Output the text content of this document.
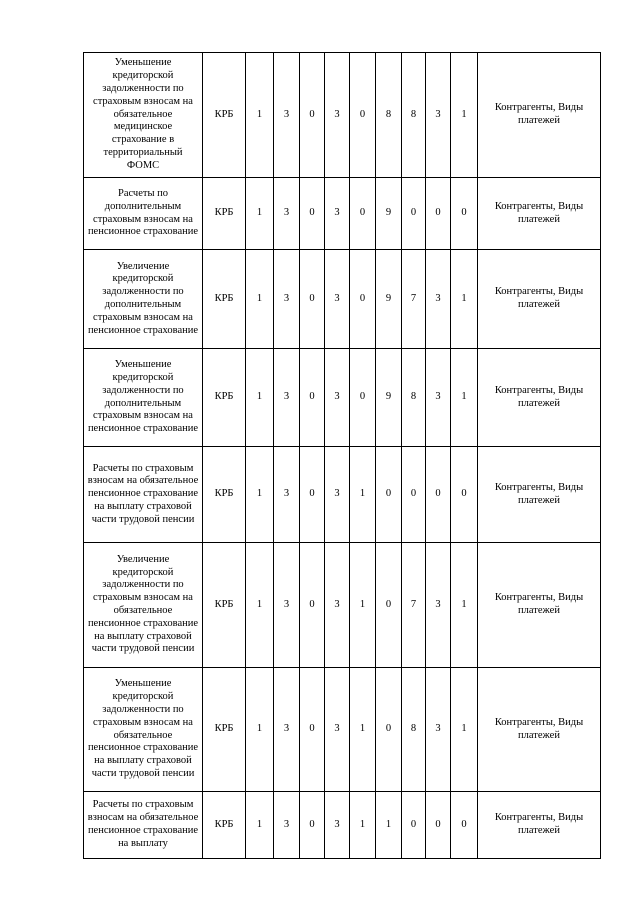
Уменьшение кредиторской задолженности по страховым взносам на обязательное медицинское страхование в территориальный ФОМС	КРБ	1	3	0	3	0	8	8	3	1	Контрагенты, Виды платежей
Расчеты по дополнительным страховым взносам на пенсионное страхование	КРБ	1	3	0	3	0	9	0	0	0	Контрагенты, Виды платежей
Увеличение кредиторской задолженности по дополнительным страховым взносам на пенсионное страхование	КРБ	1	3	0	3	0	9	7	3	1	Контрагенты, Виды платежей
Уменьшение кредиторской задолженности по дополнительным страховым взносам на пенсионное страхование	КРБ	1	3	0	3	0	9	8	3	1	Контрагенты, Виды платежей
Расчеты по страховым взносам на обязательное пенсионное страхование на выплату страховой части трудовой пенсии	КРБ	1	3	0	3	1	0	0	0	0	Контрагенты, Виды платежей
Увеличение кредиторской задолженности по страховым взносам на обязательное пенсионное страхование на выплату страховой части трудовой пенсии	КРБ	1	3	0	3	1	0	7	3	1	Контрагенты, Виды платежей
Уменьшение кредиторской задолженности по страховым взносам на обязательное пенсионное страхование на выплату страховой части трудовой пенсии	КРБ	1	3	0	3	1	0	8	3	1	Контрагенты, Виды платежей
Расчеты по страховым взносам на обязательное пенсионное страхование на выплату	КРБ	1	3	0	3	1	1	0	0	0	Контрагенты, Виды платежей
